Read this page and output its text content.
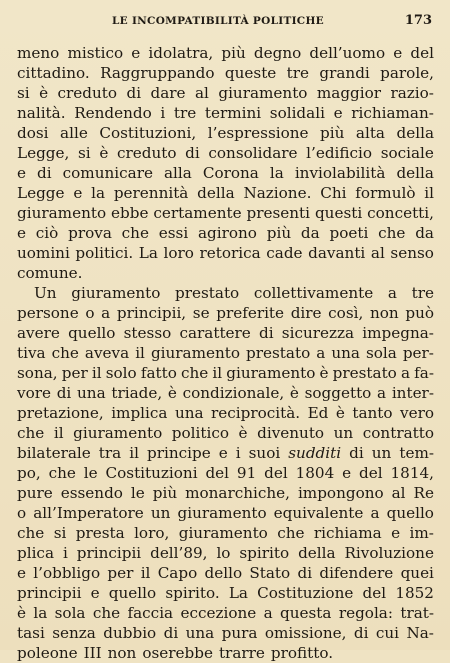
LE INCOMPATIBILITÀ POLITICHE	173
meno mistico e idolatra, più degno dell’uomo e del
cittadino. Raggruppando queste tre grandi parole,
si è creduto di dare al giuramento maggior razio-
nalità. Rendendo i tre termini solidali e richiaman-
dosi alle Costituzioni, l’espressione più alta della
Legge, si è creduto di consolidare l’edificio sociale
e di comunicare alla Corona la inviolabilità della
Legge e la perennità della Nazione. Chi formulò il
giuramento ebbe certamente presenti questi concetti,
e ciò prova che essi agirono più da poeti che da
uomini politici. La loro retorica cade davanti al senso
comune.
Un giuramento prestato collettivamente a tre
persone o a principii, se preferite dire così, non può
avere quello stesso carattere di sicurezza impegna-
tiva che aveva il giuramento prestato a una sola per-
sona, per il solo fatto che il giuramento è prestato a fa-
vore di una triade, è condizionale, è soggetto a inter-
pretazione, implica una reciprocità. Ed è tanto vero
che il giuramento politico è divenuto un contratto
bilaterale tra il principe e i suoi sudditi di un tem-
po, che le Costituzioni del 91 del 1804 e del 1814,
pure essendo le più monarchiche, impongono al Re
o all’Imperatore un giuramento equivalente a quello
che si presta loro, giuramento che richiama e im-
plica i principii dell’89, lo spirito della Rivoluzione
e l’obbligo per il Capo dello Stato di difendere quei
principii e quello spirito. La Costituzione del 1852
è la sola che faccia eccezione a questa regola: trat-
tasi senza dubbio di una pura omissione, di cui Na-
poleone III non oserebbe trarre profitto.
